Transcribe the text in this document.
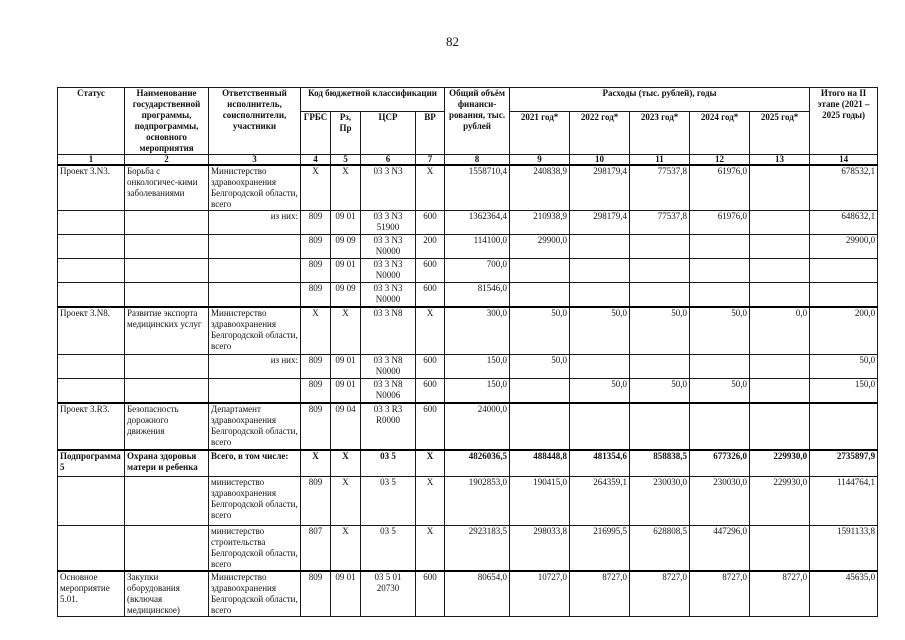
82
Статус	Наименование государственной программы, подпрограммы, основного мероприятия	Ответственный исполнитель, соисполнители, участники	Код бюджетной классификации				Общий объём финанси-рования, тыс. рублей	Расходы (тыс. рублей), годы					Итого на II этапе (2021 – 2025 годы)
			ГРБС	Рз, Пр	ЦСР	ВР		2021 год*	2022 год*	2023 год*	2024 год*	2025 год*	
1	2	3	4	5	6	7	8	9	10	11	12	13	14
Проект 3.N3.	Борьба с онкологичес-кими заболеваниями	Министерство здравоохранения Белгородской области, всего	X	X	03 3 N3	X	1558710,4	240838,9	298179,4	77537,8	61976,0		678532,1
		из них:	809	09 01	03 3 N3 51900	600	1362364,4	210938,9	298179,4	77537,8	61976,0		648632,1
			809	09 09	03 3 N3 N0000	200	114100,0	29900,0					29900,0
			809	09 01	03 3 N3 N0000	600	700,0						
			809	09 09	03 3 N3 N0000	600	81546,0						
Проект 3.N8.	Развитие экспорта медицинских услуг	Министерство здравоохранения Белгородской области, всего	X	X	03 3 N8	X	300,0	50,0	50,0	50,0	50,0	0,0	200,0
		из них:	809	09 01	03 3 N8 N0000	600	150,0	50,0					50,0
			809	09 01	03 3 N8 N0006	600	150,0		50,0	50,0	50,0		150,0
Проект 3.R3.	Безопасность дорожного движения	Департамент здравоохранения Белгородской области, всего	809	09 04	03 3 R3 R0000	600	24000,0						
Подпрограмма 5	Охрана здоровья матери и ребенка	Всего, в том числе:	X	X	03 5	X	4826036,5	488448,8	481354,6	858838,5	677326,0	229930,0	2735897,9
		министерство здравоохранения Белгородской области, всего	809	X	03 5	X	1902853,0	190415,0	264359,1	230030,0	230030,0	229930,0	1144764,1
		министерство строительства Белгородской области, всего	807	X	03 5	X	2923183,5	298033,8	216995,5	628808,5	447296,0		1591133,8
Основное мероприятие 5.01.	Закупки оборудования (включая медицинское)	Министерство здравоохранения Белгородской области, всего	809	09 01	03 5 01 20730	600	80654,0	10727,0	8727,0	8727,0	8727,0	8727,0	45635,0
